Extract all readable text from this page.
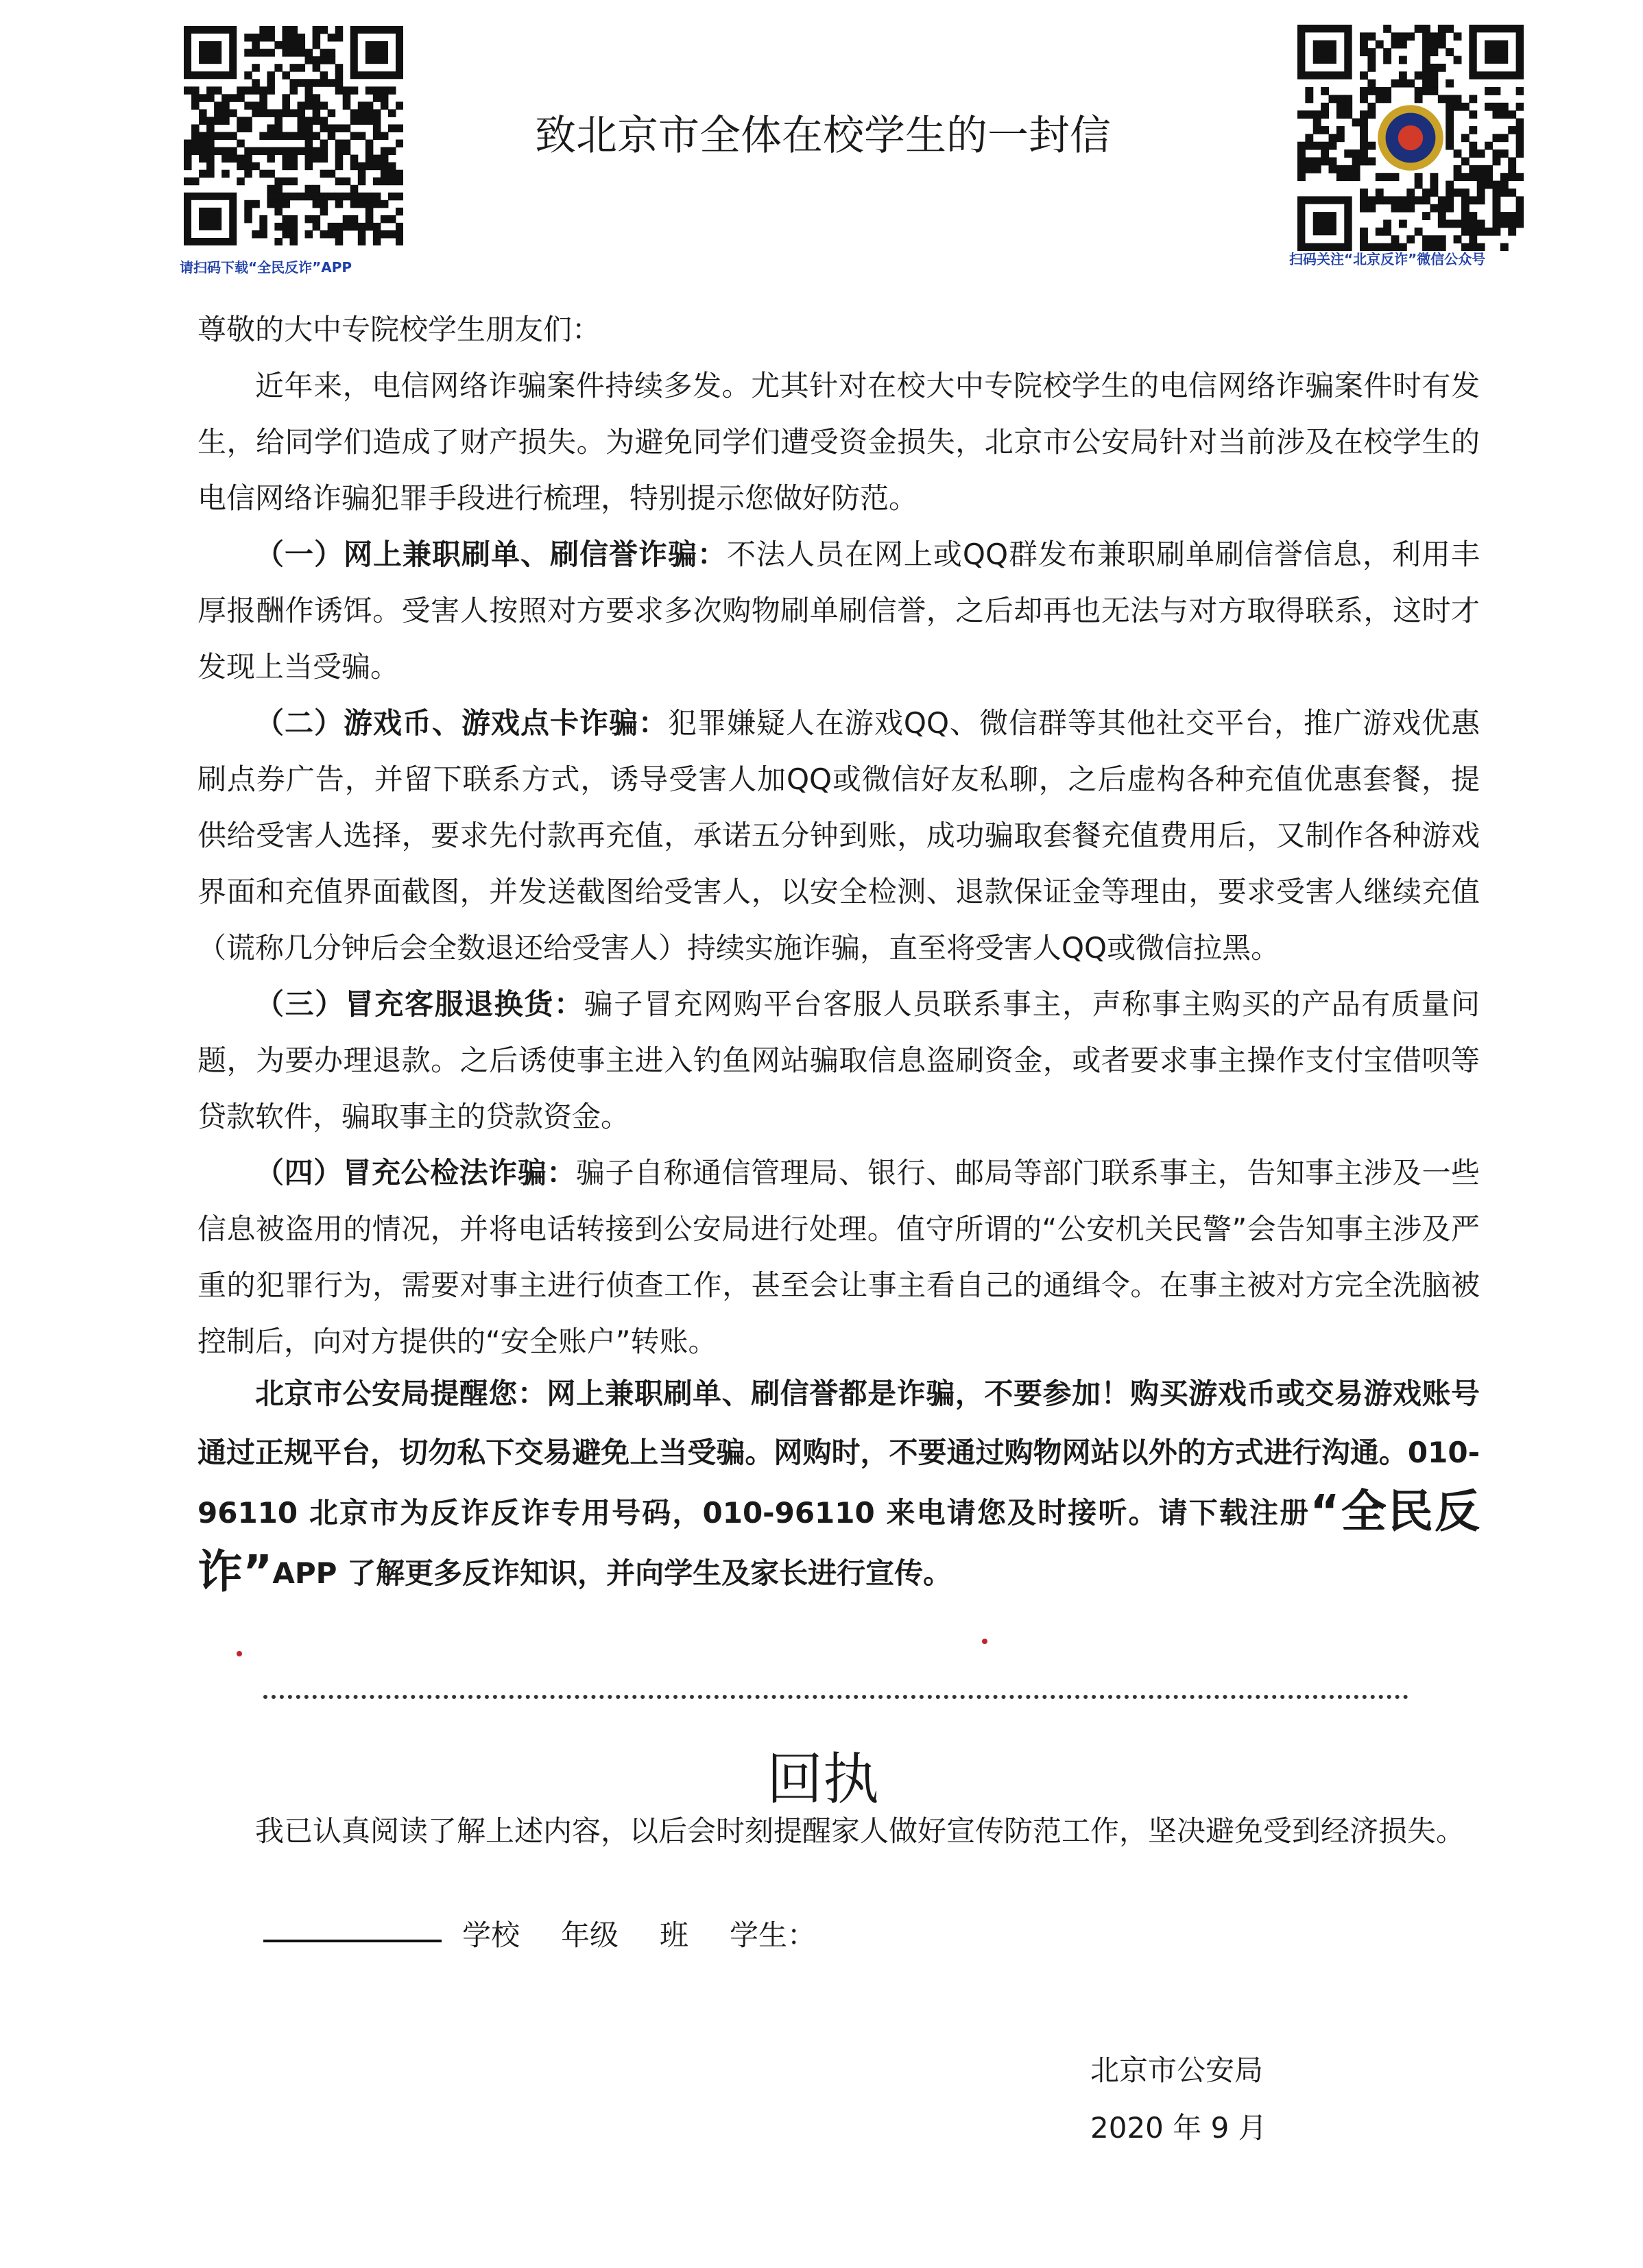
请扫码下载“全民反诈”APP	扫码关注“北京反诈”微信公众号
致北京市全体在校学生的一封信

尊敬的大中专院校学生朋友们：

近年来，电信网络诈骗案件持续多发。尤其针对在校大中专院校学生的电信网络诈骗案件时有发生，给同学们造成了财产损失。为避免同学们遭受资金损失，北京市公安局针对当前涉及在校学生的电信网络诈骗犯罪手段进行梳理，特别提示您做好防范。

（一）网上兼职刷单、刷信誉诈骗：不法人员在网上或QQ群发布兼职刷单刷信誉信息，利用丰厚报酬作诱饵。受害人按照对方要求多次购物刷单刷信誉，之后却再也无法与对方取得联系，这时才发现上当受骗。

（二）游戏币、游戏点卡诈骗：犯罪嫌疑人在游戏QQ、微信群等其他社交平台，推广游戏优惠刷点券广告，并留下联系方式，诱导受害人加QQ或微信好友私聊，之后虚构各种充值优惠套餐，提供给受害人选择，要求先付款再充值，承诺五分钟到账，成功骗取套餐充值费用后，又制作各种游戏界面和充值界面截图，并发送截图给受害人，以安全检测、退款保证金等理由，要求受害人继续充值（谎称几分钟后会全数退还给受害人）持续实施诈骗，直至将受害人QQ或微信拉黑。

（三）冒充客服退换货：骗子冒充网购平台客服人员联系事主，声称事主购买的产品有质量问题，为要办理退款。之后诱使事主进入钓鱼网站骗取信息盗刷资金，或者要求事主操作支付宝借呗等贷款软件，骗取事主的贷款资金。

（四）冒充公检法诈骗：骗子自称通信管理局、银行、邮局等部门联系事主，告知事主涉及一些信息被盗用的情况，并将电话转接到公安局进行处理。值守所谓的“公安机关民警”会告知事主涉及严重的犯罪行为，需要对事主进行侦查工作，甚至会让事主看自己的通缉令。在事主被对方完全洗脑被控制后，向对方提供的“安全账户”转账。

北京市公安局提醒您：网上兼职刷单、刷信誉都是诈骗，不要参加！购买游戏币或交易游戏账号通过正规平台，切勿私下交易避免上当受骗。网购时，不要通过购物网站以外的方式进行沟通。010-96110 北京市为反诈反诈专用号码，010-96110 来电请您及时接听。请下载注册“全民反诈”APP 了解更多反诈知识，并向学生及家长进行宣传。

回执

我已认真阅读了解上述内容，以后会时刻提醒家人做好宣传防范工作，坚决避免受到经济损失。

学校 年级 班 学生：
北京市公安局
2020 年 9 月
